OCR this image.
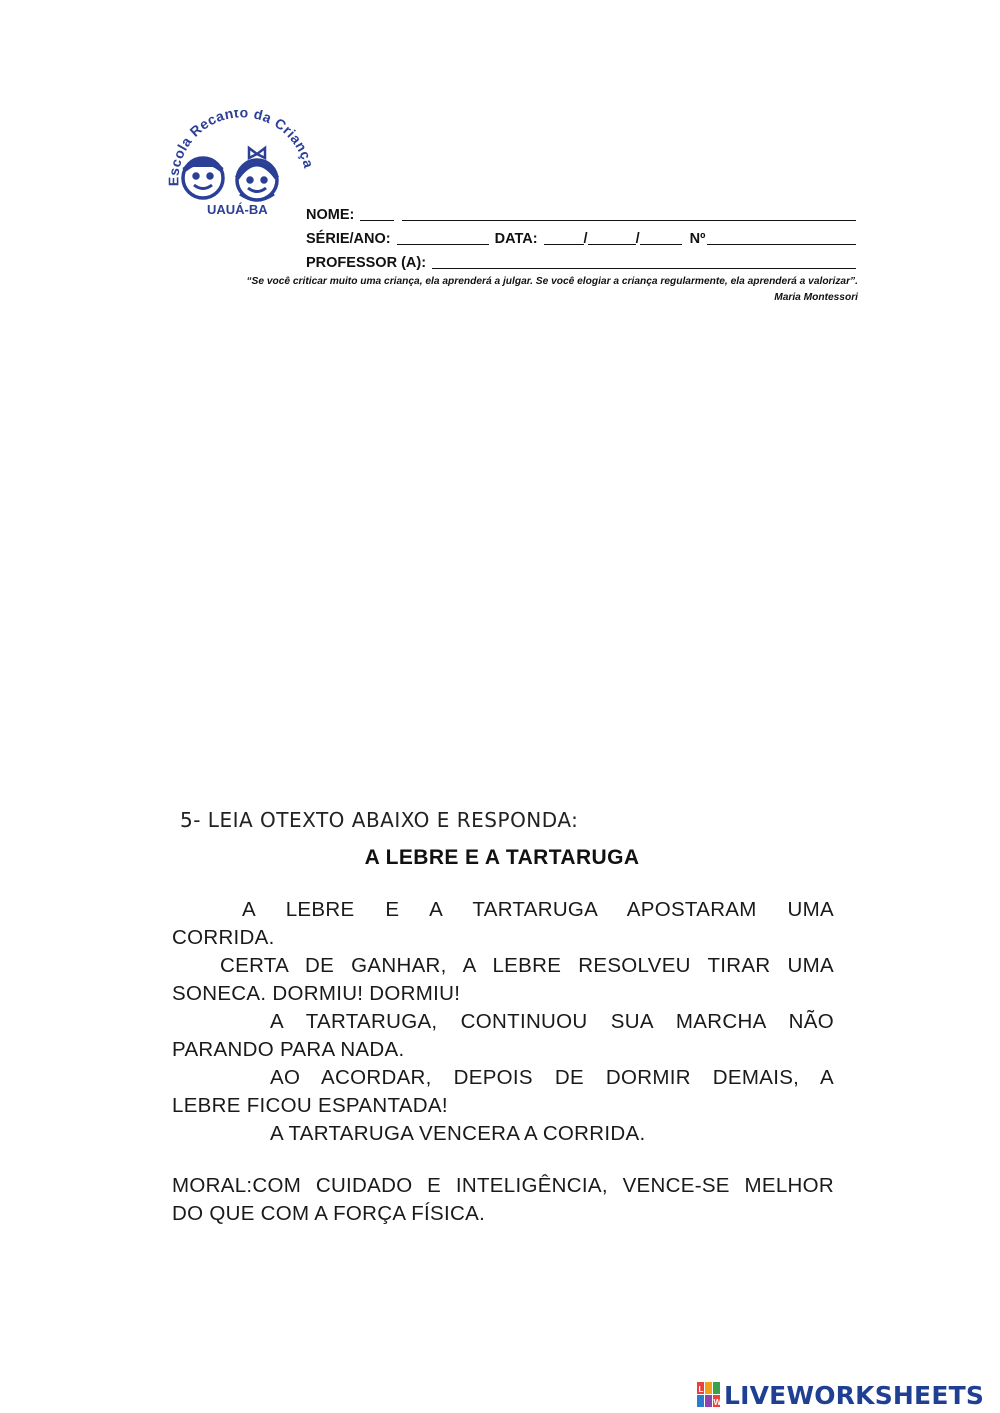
Escola Recanto da Crianç
UAUÁ-BA	NOME:
SÉRIE/ANO:	DATA:	/	/	Nº
PROFESSOR (A):
“Se você criticar muito uma criança, ela aprenderá a julgar. Se você elogiar a criança regularmente, ela aprenderá a valorizar”.
Maria Montessori
5- LEIA OTEXTO ABAIXO E RESPONDA:
A LEBRE E A TARTARUGA
A LEBRE E A TARTARUGA APOSTARAM UMA
CORRIDA.
CERTA DE GANHAR, A LEBRE RESOLVEU TIRAR UMA
SONECA. DORMIU! DORMIU!
A TARTARUGA, CONTINUOU SUA MARCHA NÃO
PARANDO PARA NADA.
AO ACORDAR, DEPOIS DE DORMIR DEMAIS, A
LEBRE FICOU ESPANTADA!
A TARTARUGA VENCERA A CORRIDA.
MORAL:COM CUIDADO E INTELIGÊNCIA, VENCE-SE MELHOR
DO QUE COM A FORÇA FÍSICA.
L
W LIVEWORKSHEETS
